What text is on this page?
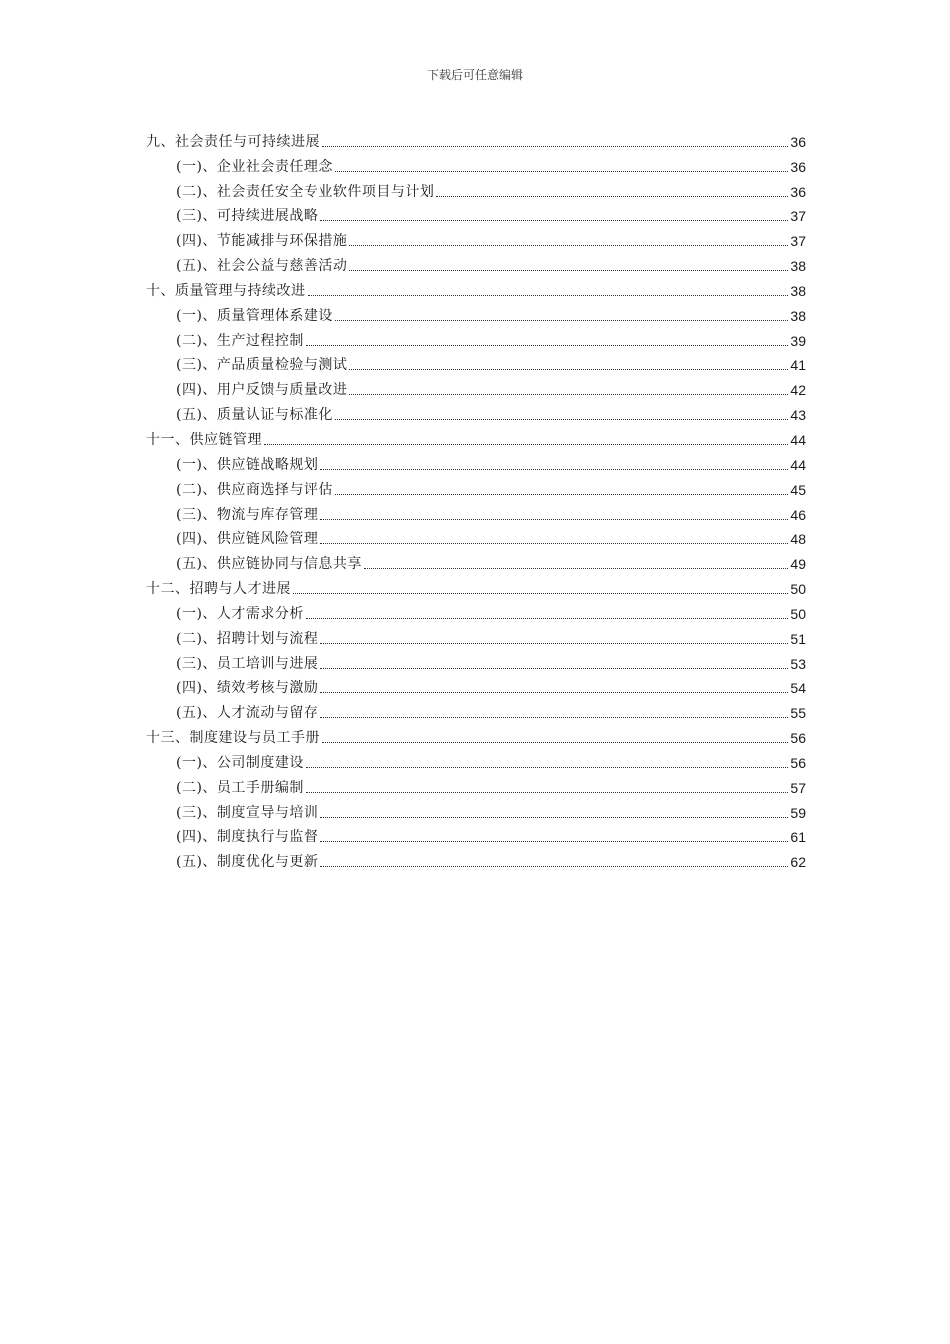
下载后可任意编辑
九、社会责任与可持续进展	36
(一)、企业社会责任理念	36
(二)、社会责任安全专业软件项目与计划	36
(三)、可持续进展战略	37
(四)、节能减排与环保措施	37
(五)、社会公益与慈善活动	38
十、质量管理与持续改进	38
(一)、质量管理体系建设	38
(二)、生产过程控制	39
(三)、产品质量检验与测试	41
(四)、用户反馈与质量改进	42
(五)、质量认证与标准化	43
十一、供应链管理	44
(一)、供应链战略规划	44
(二)、供应商选择与评估	45
(三)、物流与库存管理	46
(四)、供应链风险管理	48
(五)、供应链协同与信息共享	49
十二、招聘与人才进展	50
(一)、人才需求分析	50
(二)、招聘计划与流程	51
(三)、员工培训与进展	53
(四)、绩效考核与激励	54
(五)、人才流动与留存	55
十三、制度建设与员工手册	56
(一)、公司制度建设	56
(二)、员工手册编制	57
(三)、制度宣导与培训	59
(四)、制度执行与监督	61
(五)、制度优化与更新	62
